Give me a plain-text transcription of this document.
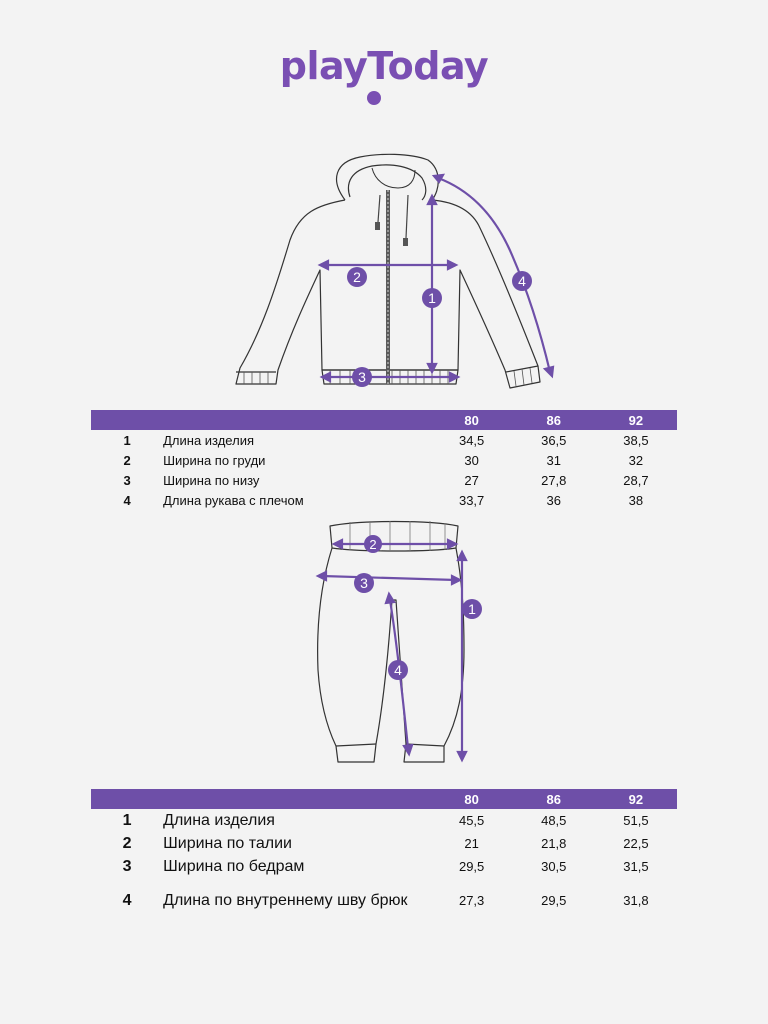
playToday
2
1
3
4
		80	86	92
1	Длина изделия	34,5	36,5	38,5
2	Ширина по груди	30	31	32
3	Ширина по низу	27	27,8	28,7
4	Длина рукава с плечом	33,7	36	38
2
3
1
4
		80	86	92
1	Длина изделия	45,5	48,5	51,5
2	Ширина по талии	21	21,8	22,5
3	Ширина по бедрам	29,5	30,5	31,5
4	Длина по внутреннему шву брюк	27,3	29,5	31,8
